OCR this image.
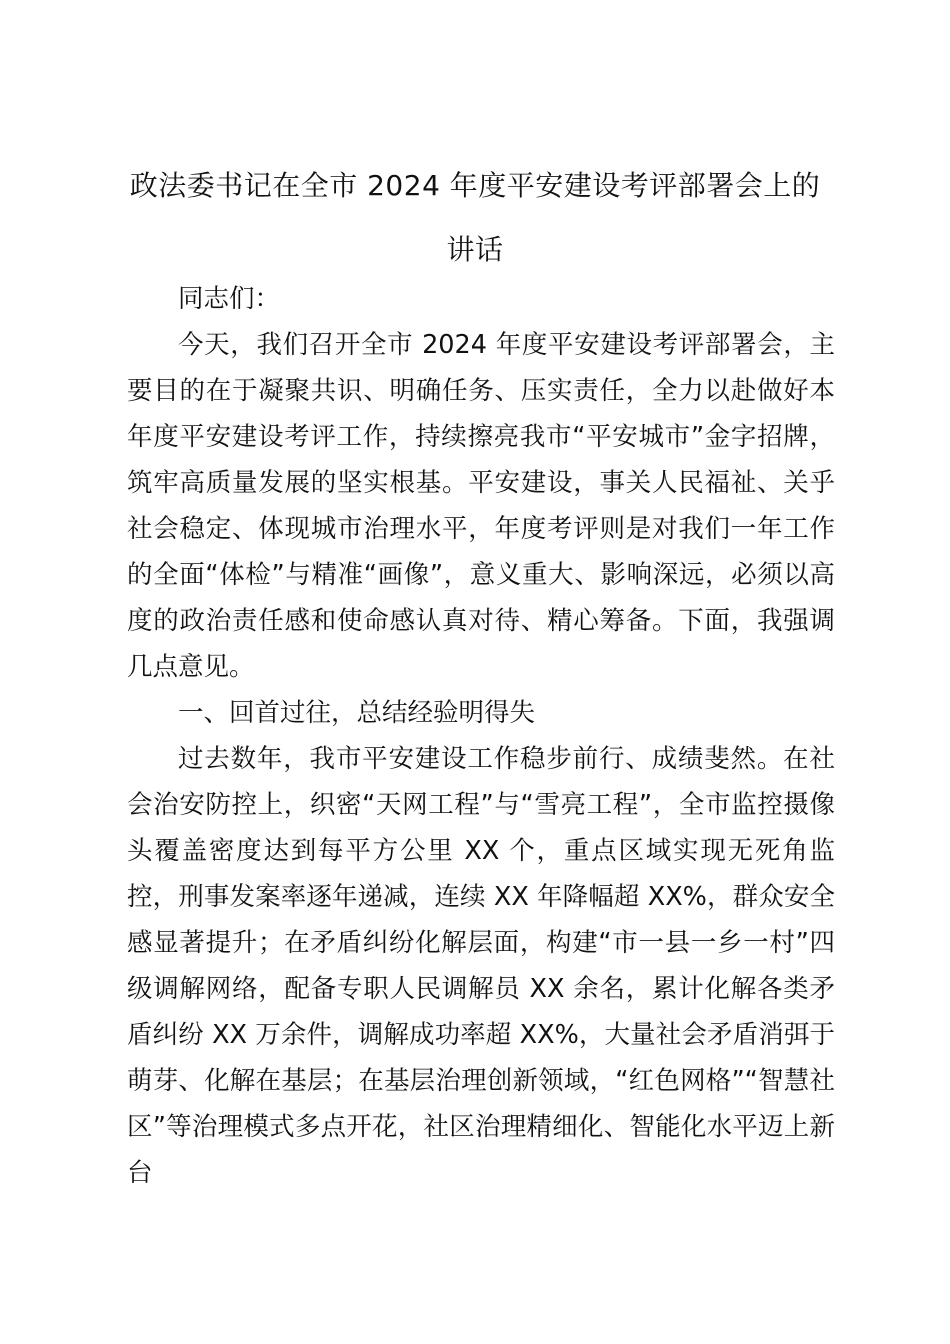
政法委书记在全市 2024 年度平安建设考评部署会上的讲话

同志们：

今天，我们召开全市 2024 年度平安建设考评部署会，主要目的在于凝聚共识、明确任务、压实责任，全力以赴做好本年度平安建设考评工作，持续擦亮我市“平安城市”金字招牌，筑牢高质量发展的坚实根基。平安建设，事关人民福祉、关乎社会稳定、体现城市治理水平，年度考评则是对我们一年工作的全面“体检”与精准“画像”，意义重大、影响深远，必须以高度的政治责任感和使命感认真对待、精心筹备。下面，我强调几点意见。

一、回首过往，总结经验明得失

过去数年，我市平安建设工作稳步前行、成绩斐然。在社会治安防控上，织密“天网工程”与“雪亮工程”，全市监控摄像头覆盖密度达到每平方公里 XX 个，重点区域实现无死角监控，刑事发案率逐年递减，连续 XX 年降幅超 XX%，群众安全感显著提升；在矛盾纠纷化解层面，构建“市一县一乡一村”四级调解网络，配备专职人民调解员 XX 余名，累计化解各类矛盾纠纷 XX 万余件，调解成功率超 XX%，大量社会矛盾消弭于萌芽、化解在基层；在基层治理创新领域，“红色网格”“智慧社区”等治理模式多点开花，社区治理精细化、智能化水平迈上新台
